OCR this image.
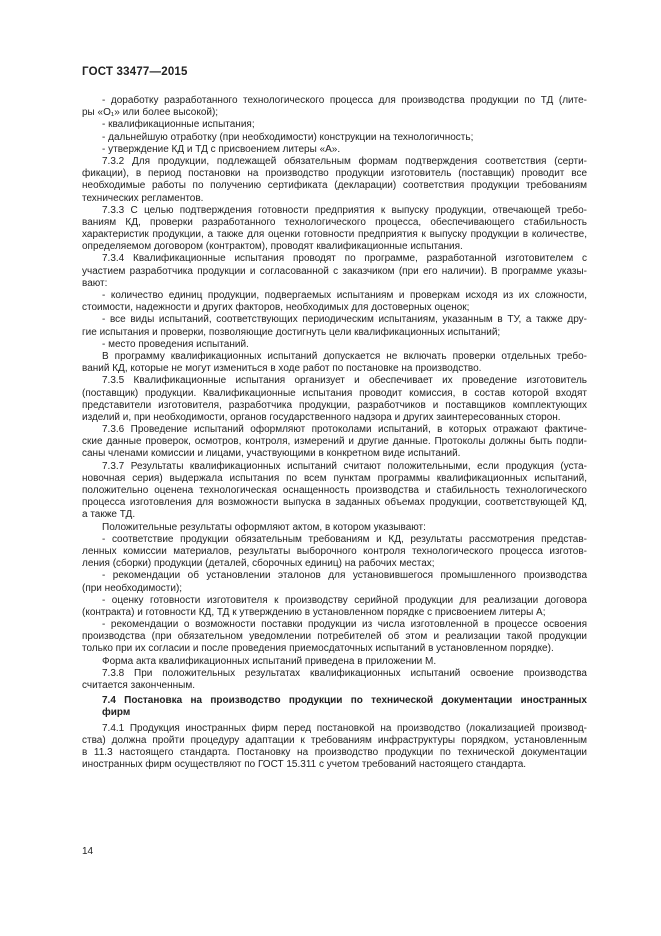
ГОСТ 33477—2015
- доработку разработанного технологического процесса для производства продукции по ТД (лите-
ры «О₁» или более высокой);
- квалификационные испытания;
- дальнейшую отработку (при необходимости) конструкции на технологичность;
- утверждение КД и ТД с присвоением литеры «А».
7.3.2 Для продукции, подлежащей обязательным формам подтверждения соответствия (серти-
фикации), в период постановки на производство продукции изготовитель (поставщик) проводит все
необходимые работы по получению сертификата (декларации) соответствия продукции требованиям
технических регламентов.
7.3.3 С целью подтверждения готовности предприятия к выпуску продукции, отвечающей требо-
ваниям КД, проверки разработанного технологического процесса, обеспечивающего стабильность
характеристик продукции, а также для оценки готовности предприятия к выпуску продукции в количестве,
определяемом договором (контрактом), проводят квалификационные испытания.
7.3.4 Квалификационные испытания проводят по программе, разработанной изготовителем с
участием разработчика продукции и согласованной с заказчиком (при его наличии). В программе указы-
вают:
- количество единиц продукции, подвергаемых испытаниям и проверкам исходя из их сложности,
стоимости, надежности и других факторов, необходимых для достоверных оценок;
- все виды испытаний, соответствующих периодическим испытаниям, указанным в ТУ, а также дру-
гие испытания и проверки, позволяющие достигнуть цели квалификационных испытаний;
- место проведения испытаний.
В программу квалификационных испытаний допускается не включать проверки отдельных требо-
ваний КД, которые не могут измениться в ходе работ по постановке на производство.
7.3.5 Квалификационные испытания организует и обеспечивает их проведение изготовитель
(поставщик) продукции. Квалификационные испытания проводит комиссия, в состав которой входят
представители изготовителя, разработчика продукции, разработчиков и поставщиков комплектующих
изделий и, при необходимости, органов государственного надзора и других заинтересованных сторон.
7.3.6 Проведение испытаний оформляют протоколами испытаний, в которых отражают фактиче-
ские данные проверок, осмотров, контроля, измерений и другие данные. Протоколы должны быть подпи-
саны членами комиссии и лицами, участвующими в конкретном виде испытаний.
7.3.7 Результаты квалификационных испытаний считают положительными, если продукция (уста-
новочная серия) выдержала испытания по всем пунктам программы квалификационных испытаний,
положительно оценена технологическая оснащенность производства и стабильность технологического
процесса изготовления для возможности выпуска в заданных объемах продукции, соответствующей КД,
а также ТД.
Положительные результаты оформляют актом, в котором указывают:
- соответствие продукции обязательным требованиям и КД, результаты рассмотрения представ-
ленных комиссии материалов, результаты выборочного контроля технологического процесса изготов-
ления (сборки) продукции (деталей, сборочных единиц) на рабочих местах;
- рекомендации об установлении эталонов для установившегося промышленного производства
(при необходимости);
- оценку готовности изготовителя к производству серийной продукции для реализации договора
(контракта) и готовности КД, ТД к утверждению в установленном порядке с присвоением литеры А;
- рекомендации о возможности поставки продукции из числа изготовленной в процессе освоения
производства (при обязательном уведомлении потребителей об этом и реализации такой продукции
только при их согласии и после проведения приемосдаточных испытаний в установленном порядке).
Форма акта квалификационных испытаний приведена в приложении М.
7.3.8 При положительных результатах квалификационных испытаний освоение производства
считается законченным.
7.4 Постановка на производство продукции по технической документации иностранных
фирм
7.4.1 Продукция иностранных фирм перед постановкой на производство (локализацией производ-
ства) должна пройти процедуру адаптации к требованиям инфраструктуры порядком, установленным
в 11.3 настоящего стандарта. Постановку на производство продукции по технической документации
иностранных фирм осуществляют по ГОСТ 15.311 с учетом требований настоящего стандарта.
14
